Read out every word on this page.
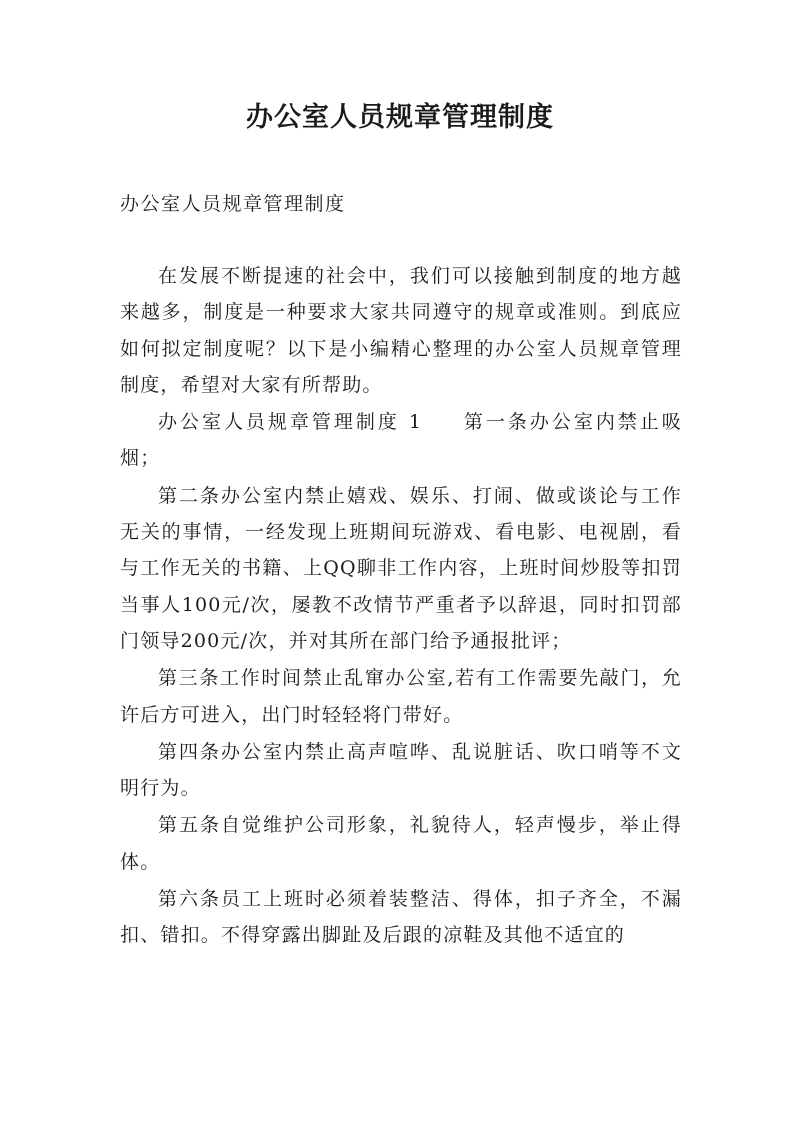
办公室人员规章管理制度
办公室人员规章管理制度

在发展不断提速的社会中，我们可以接触到制度的地方越来越多，制度是一种要求大家共同遵守的规章或准则。到底应如何拟定制度呢？以下是小编精心整理的办公室人员规章管理制度，希望对大家有所帮助。

办公室人员规章管理制度 1 第一条办公室内禁止吸烟；

第二条办公室内禁止嬉戏、娱乐、打闹、做或谈论与工作无关的事情，一经发现上班期间玩游戏、看电影、电视剧，看与工作无关的书籍、上QQ聊非工作内容，上班时间炒股等扣罚当事人100元/次，屡教不改情节严重者予以辞退，同时扣罚部门领导200元/次，并对其所在部门给予通报批评；

第三条工作时间禁止乱窜办公室,若有工作需要先敲门，允许后方可进入，出门时轻轻将门带好。

第四条办公室内禁止高声喧哗、乱说脏话、吹口哨等不文明行为。

第五条自觉维护公司形象，礼貌待人，轻声慢步，举止得体。

第六条员工上班时必须着装整洁、得体，扣子齐全，不漏扣、错扣。不得穿露出脚趾及后跟的凉鞋及其他不适宜的
